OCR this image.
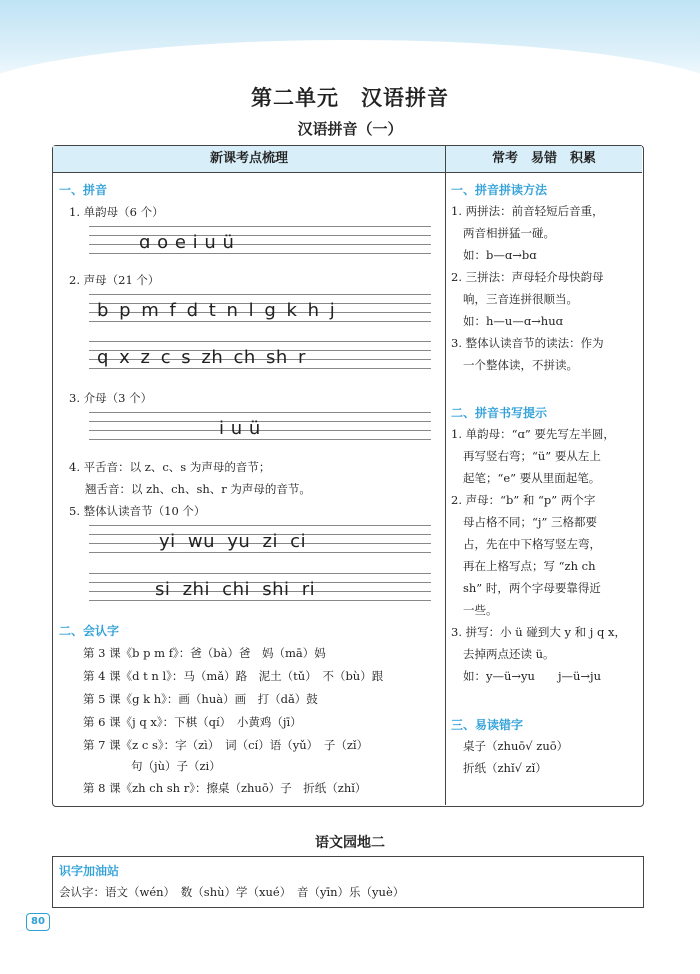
第二单元 汉语拼音
汉语拼音（一）
新课考点梳理	常考　易错　积累
一、拼音
1. 单韵母（6 个）
ɑ o e i u ü
2. 声母（21 个）
b p m f d t n l g k h j
q x z c s zh ch sh r
3. 介母（3 个）
i u ü
4. 平舌音：以 z、c、s 为声母的音节；
翘舌音：以 zh、ch、sh、r 为声母的音节。
5. 整体认读音节（10 个）
yi wu yu zi ci
si zhi chi shi ri
二、会认字
第 3 课《b p m f》：爸（bà）爸　妈（mā）妈
第 4 课《d t n l》：马（mǎ）路　泥土（tǔ）　不（bù）跟
第 5 课《g k h》：画（huà）画　打（dǎ）鼓
第 6 课《j q x》：下棋（qí）　小黄鸡（jī）
第 7 课《z c s》：字（zì）　词（cí）语（yǔ）　子（zǐ）
句（jù）子（zi）
第 8 课《zh ch sh r》：擦桌（zhuō）子　折纸（zhǐ）
一、拼音拼读方法
1. 两拼法：前音轻短后音重，
两音相拼猛一碰。
如：b—ɑ→bɑ
2. 三拼法：声母轻介母快韵母
响，三音连拼很顺当。
如：h—u—ɑ→huɑ
3. 整体认读音节的读法：作为
一个整体读，不拼读。
二、拼音书写提示
1. 单韵母：“ɑ” 要先写左半圆，
再写竖右弯；“ü” 要从左上
起笔；“e” 要从里面起笔。
2. 声母：“b” 和 “p” 两个字
母占格不同；“j” 三格都要
占，先在中下格写竖左弯，
再在上格写点；写 “zh ch
sh” 时，两个字母要靠得近
一些。
3. 拼写：小 ü 碰到大 y 和 j q x，
去掉两点还读 ü。
如：y—ü→yu　　j—ü→ju
三、易读错字
桌子（zhuō√ zuō）
折纸（zhǐ√ zǐ）
语文园地二
识字加油站
会认字：语文（wén）　数（shù）学（xué）　音（yīn）乐（yuè）
80
